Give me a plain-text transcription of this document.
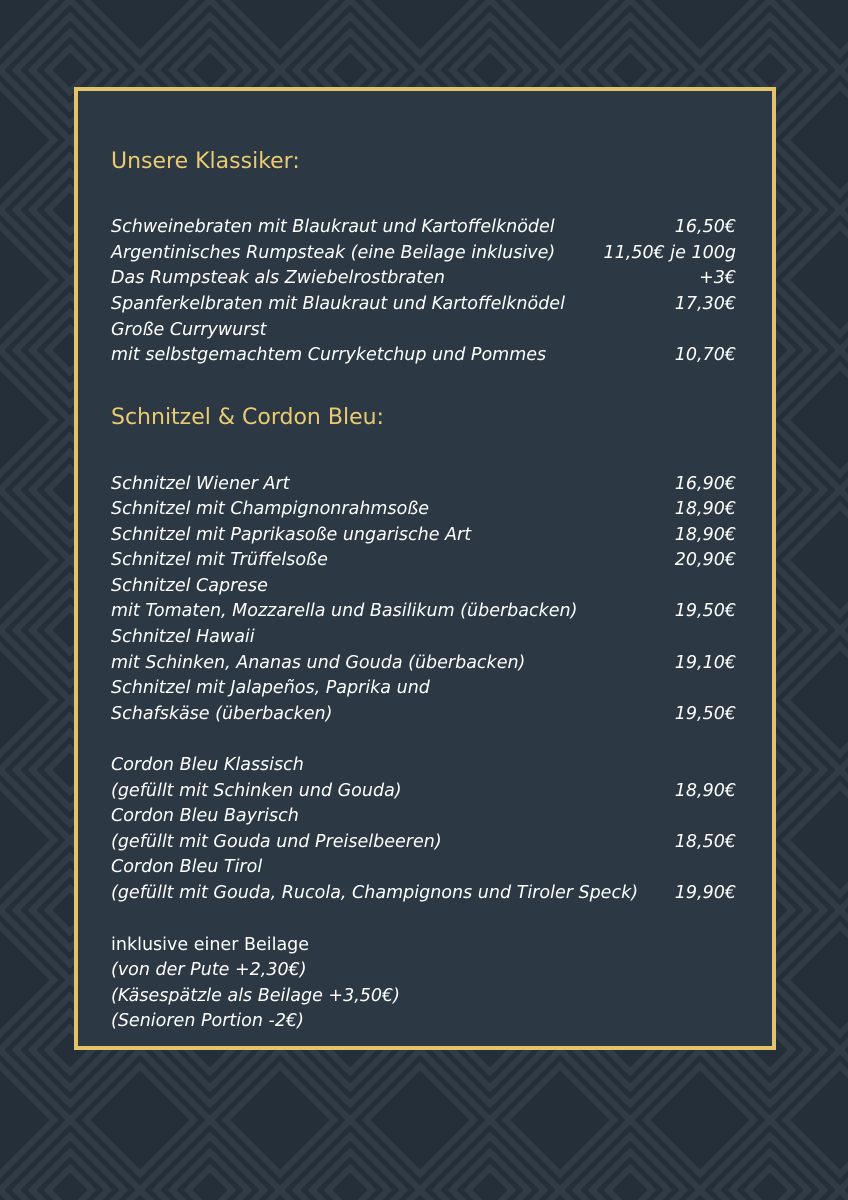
Unsere Klassiker:
Schweinebraten mit Blaukraut und Kartoffelknödel	16,50€
Argentinisches Rumpsteak (eine Beilage inklusive)	11,50€ je 100g
Das Rumpsteak als Zwiebelrostbraten	+3€
Spanferkelbraten mit Blaukraut und Kartoffelknödel	17,30€
Große Currywurst
mit selbstgemachtem Curryketchup und Pommes	10,70€
Schnitzel & Cordon Bleu:
Schnitzel Wiener Art	16,90€
Schnitzel mit Champignonrahmsoße	18,90€
Schnitzel mit Paprikasoße ungarische Art	18,90€
Schnitzel mit Trüffelsoße	20,90€
Schnitzel Caprese
mit Tomaten, Mozzarella und Basilikum (überbacken)	19,50€
Schnitzel Hawaii
mit Schinken, Ananas und Gouda (überbacken)	19,10€
Schnitzel mit Jalapeños, Paprika und
Schafskäse (überbacken)	19,50€
Cordon Bleu Klassisch
(gefüllt mit Schinken und Gouda)	18,90€
Cordon Bleu Bayrisch
(gefüllt mit Gouda und Preiselbeeren)	18,50€
Cordon Bleu Tirol
(gefüllt mit Gouda, Rucola, Champignons und Tiroler Speck) 19,90€
inklusive einer Beilage
(von der Pute +2,30€)
(Käsespätzle als Beilage +3,50€)
(Senioren Portion -2€)
